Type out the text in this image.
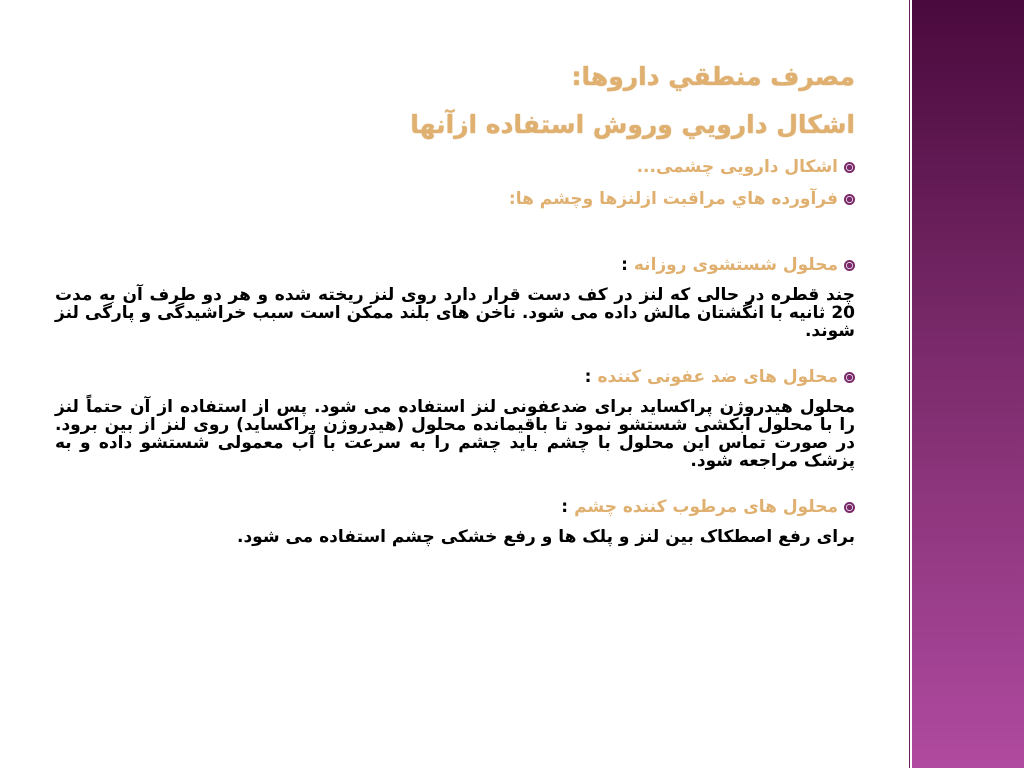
مصرف منطقي داروها:
اشكال دارويي وروش استفاده ازآنها
اشکال دارویی چشمی...
فرآورده هاي مراقبت ازلنزها وچشم ها:
محلول شستشوی روزانه
:
چند قطره در حالی که لنز در کف دست قرار دارد روی لنز ریخته شده و هر دو طرف آن به مدت 20 ثانیه با انگشتان مالش داده می شود. ناخن های بلند ممکن است سبب خراشیدگی و پارگی لنز شوند.
محلول های ضد عفونی کننده
:
محلول هیدروژن پراکساید برای ضدعفونی لنز استفاده می شود. پس از استفاده از آن حتماً لنز را با محلول آبکشی شستشو نمود تا باقیمانده محلول (هیدروژن پراکساید) روی لنز از بین برود. در صورت تماس این محلول با چشم باید چشم را به سرعت با آب معمولی شستشو داده و به پزشک مراجعه شود.
محلول های مرطوب کننده چشم
:
برای رفع اصطکاک بین لنز و پلک ها و رفع خشکی چشم استفاده می شود.
